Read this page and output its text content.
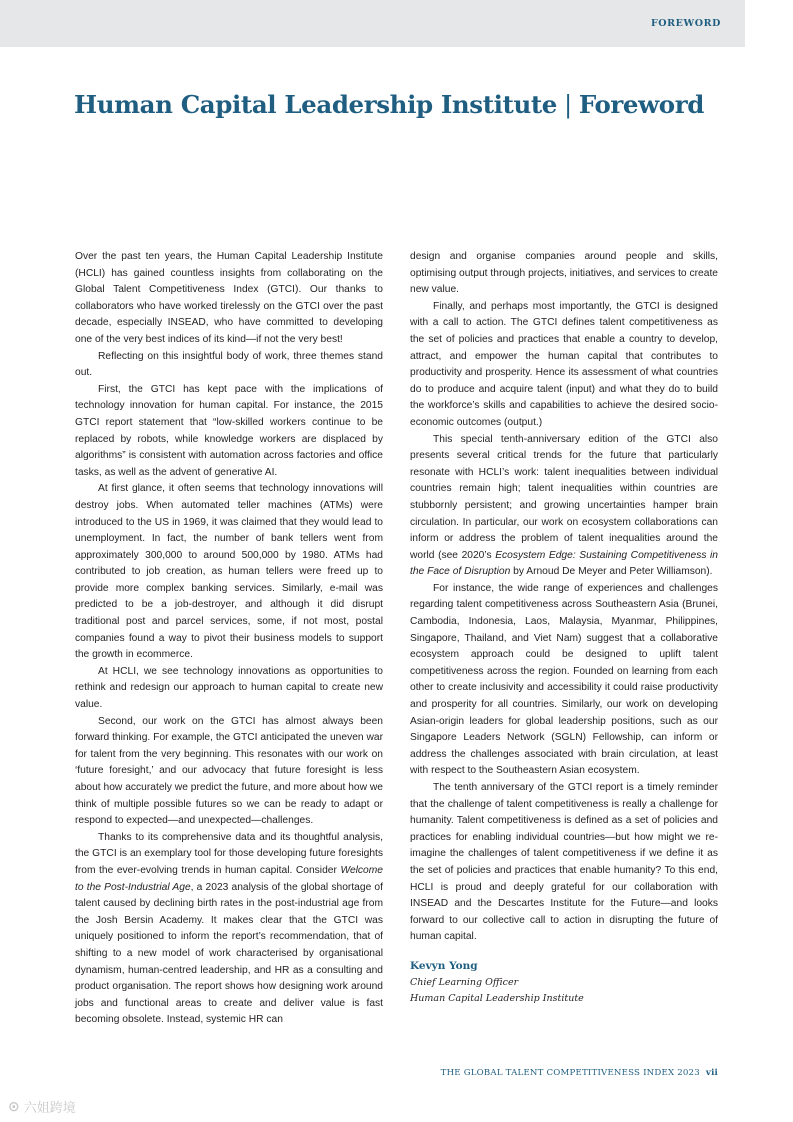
FOREWORD
Human Capital Leadership Institute | Foreword

Over the past ten years, the Human Capital Leadership Institute (HCLI) has gained countless insights from collaborating on the Global Talent Competitiveness Index (GTCI). Our thanks to collaborators who have worked tirelessly on the GTCI over the past decade, especially INSEAD, who have committed to developing one of the very best indices of its kind—if not the very best!

Reflecting on this insightful body of work, three themes stand out.

First, the GTCI has kept pace with the implications of technology innovation for human capital. For instance, the 2015 GTCI report statement that “low-skilled workers continue to be replaced by robots, while knowledge workers are displaced by algorithms” is consistent with automation across factories and office tasks, as well as the advent of generative AI.

At first glance, it often seems that technology innovations will destroy jobs. When automated teller machines (ATMs) were introduced to the US in 1969, it was claimed that they would lead to unemployment. In fact, the number of bank tellers went from approximately 300,000 to around 500,000 by 1980. ATMs had contributed to job creation, as human tellers were freed up to provide more complex banking services. Similarly, e-mail was predicted to be a job-destroyer, and although it did disrupt traditional post and parcel services, some, if not most, postal companies found a way to pivot their business models to support the growth in ecommerce.

At HCLI, we see technology innovations as opportunities to rethink and redesign our approach to human capital to create new value.

Second, our work on the GTCI has almost always been forward thinking. For example, the GTCI anticipated the uneven war for talent from the very beginning. This resonates with our work on ‘future foresight,’ and our advocacy that future foresight is less about how accurately we predict the future, and more about how we think of multiple possible futures so we can be ready to adapt or respond to expected—and unexpected—challenges.

Thanks to its comprehensive data and its thoughtful analysis, the GTCI is an exemplary tool for those developing future foresights from the ever-evolving trends in human capital. Consider Welcome to the Post-Industrial Age, a 2023 analysis of the global shortage of talent caused by declining birth rates in the post-industrial age from the Josh Bersin Academy. It makes clear that the GTCI was uniquely positioned to inform the report’s recommendation, that of shifting to a new model of work characterised by organisational dynamism, human-centred leadership, and HR as a consulting and product organisation. The report shows how designing work around jobs and functional areas to create and deliver value is fast becoming obsolete. Instead, systemic HR can

design and organise companies around people and skills, optimising output through projects, initiatives, and services to create new value.

Finally, and perhaps most importantly, the GTCI is designed with a call to action. The GTCI defines talent competitiveness as the set of policies and practices that enable a country to develop, attract, and empower the human capital that contributes to productivity and prosperity. Hence its assessment of what countries do to produce and acquire talent (input) and what they do to build the workforce’s skills and capabilities to achieve the desired socio-economic outcomes (output.)

This special tenth-anniversary edition of the GTCI also presents several critical trends for the future that particularly resonate with HCLI’s work: talent inequalities between individual countries remain high; talent inequalities within countries are stubbornly persistent; and growing uncertainties hamper brain circulation. In particular, our work on ecosystem collaborations can inform or address the problem of talent inequalities around the world (see 2020’s Ecosystem Edge: Sustaining Competitiveness in the Face of Disruption by Arnoud De Meyer and Peter Williamson).

For instance, the wide range of experiences and challenges regarding talent competitiveness across Southeastern Asia (Brunei, Cambodia, Indonesia, Laos, Malaysia, Myanmar, Philippines, Singapore, Thailand, and Viet Nam) suggest that a collaborative ecosystem approach could be designed to uplift talent competitiveness across the region. Founded on learning from each other to create inclusivity and accessibility it could raise productivity and prosperity for all countries. Similarly, our work on developing Asian-origin leaders for global leadership positions, such as our Singapore Leaders Network (SGLN) Fellowship, can inform or address the challenges associated with brain circulation, at least with respect to the Southeastern Asian ecosystem.

The tenth anniversary of the GTCI report is a timely reminder that the challenge of talent competitiveness is really a challenge for humanity. Talent competitiveness is defined as a set of policies and practices for enabling individual countries—but how might we re-imagine the challenges of talent competitiveness if we define it as the set of policies and practices that enable humanity? To this end, HCLI is proud and deeply grateful for our collaboration with INSEAD and the Descartes Institute for the Future—and looks forward to our collective call to action in disrupting the future of human capital.

Kevyn Yong
Chief Learning Officer
Human Capital Leadership Institute
THE GLOBAL TALENT COMPETITIVENESS INDEX 2023 vii
⊙ 六姐跨境
